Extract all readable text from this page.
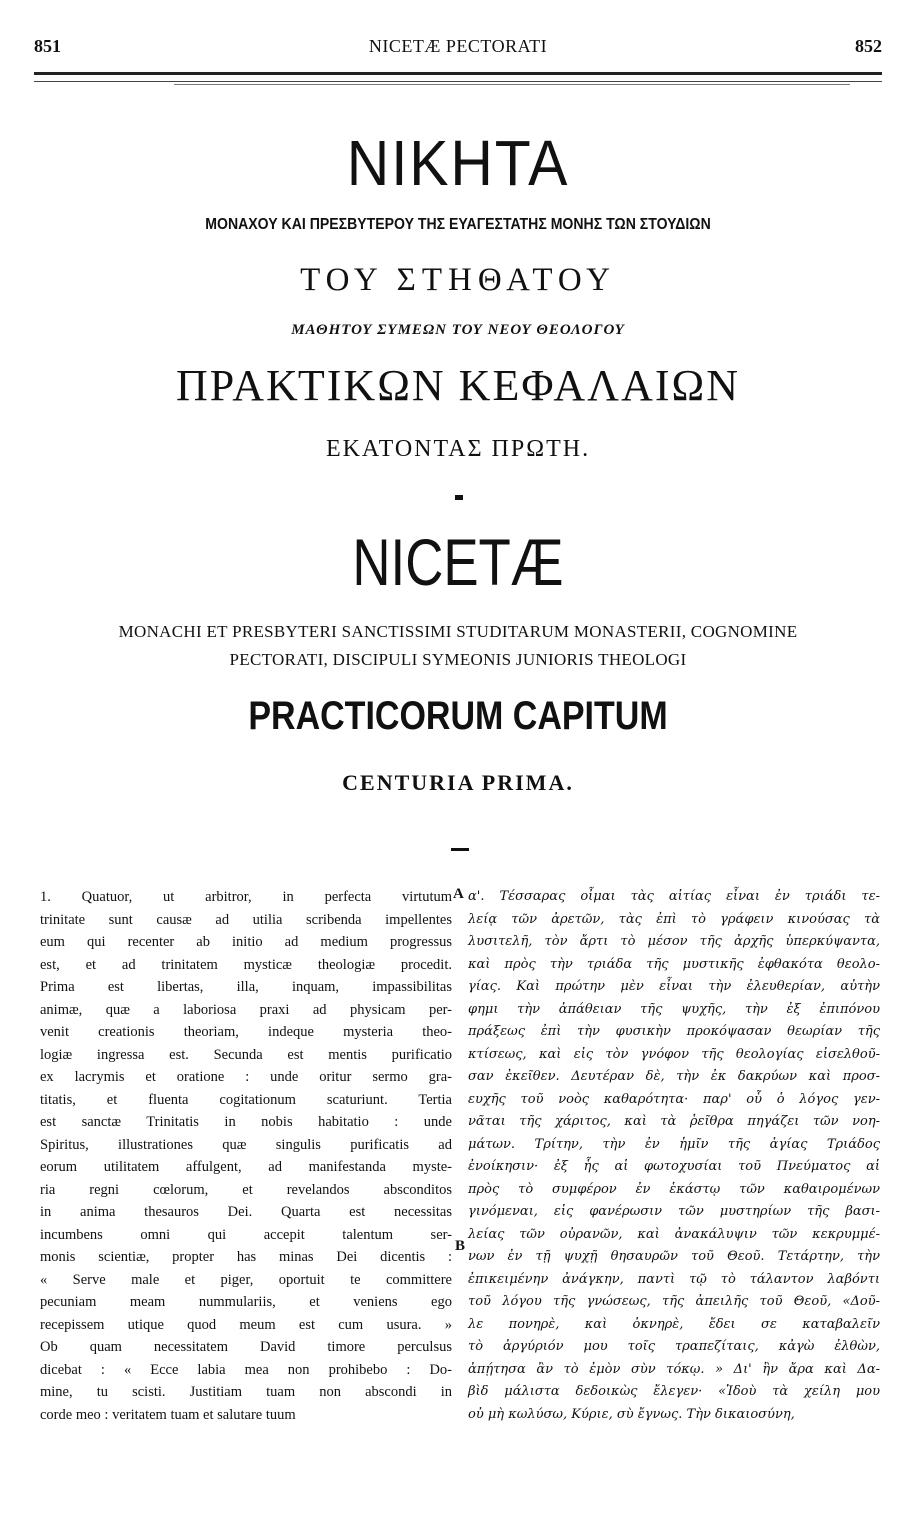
851	NICETÆ PECTORATI	852
ΝΙΚΗΤΑ
ΜΟΝΑΧΟΥ ΚΑΙ ΠΡΕΣΒΥΤΕΡΟΥ ΤΗΣ ΕΥΑΓΕΣΤΑΤΗΣ ΜΟΝΗΣ ΤΩΝ ΣΤΟΥΔΙΩΝ
ΤΟΥ ΣΤΗΘΑΤΟΥ
ΜΑΘΗΤΟΥ ΣΥΜΕΩΝ ΤΟΥ ΝΕΟΥ ΘΕΟΛΟΓΟΥ
ΠΡΑΚΤΙΚΩΝ ΚΕΦΑΛΑΙΩΝ
ΕΚΑΤΟΝΤΑΣ ΠΡΩΤΗ.
NICETÆ
MONACHI ET PRESBYTERI SANCTISSIMI STUDITARUM MONASTERII, COGNOMINE
PECTORATI, DISCIPULI SYMEONIS JUNIORIS THEOLOGI
PRACTICORUM CAPITUM
CENTURIA PRIMA.
1. Quatuor, ut arbitror, in perfecta virtutum
trinitate sunt causæ ad utilia scribenda impellentes
eum qui recenter ab initio ad medium progressus
est, et ad trinitatem mysticæ theologiæ procedit.
Prima est libertas, illa, inquam, impassibilitas
animæ, quæ a laboriosa praxi ad physicam per-
venit creationis theoriam, indeque mysteria theo-
logiæ ingressa est. Secunda est mentis purificatio
ex lacrymis et oratione : unde oritur sermo gra-
titatis, et fluenta cogitationum scaturiunt. Tertia
est sanctæ Trinitatis in nobis habitatio : unde
Spiritus, illustrationes quæ singulis purificatis ad
eorum utilitatem affulgent, ad manifestanda myste-
ria regni cœlorum, et revelandos absconditos
in anima thesauros Dei. Quarta est necessitas
incumbens omni qui accepit talentum ser-
monis scientiæ, propter has minas Dei dicentis :
« Serve male et piger, oportuit te committere
pecuniam meam nummulariis, et veniens ego
recepissem utique quod meum est cum usura. »
Ob quam necessitatem David timore perculsus
dicebat : « Ecce labia mea non prohibebo : Do-
mine, tu scisti. Justitiam tuam non abscondi in
corde meo : veritatem tuam et salutare tuum
A
B
α'. Τέσσαρας οἶμαι τὰς αἰτίας εἶναι ἐν τριάδι τε-
λείᾳ τῶν ἀρετῶν, τὰς ἐπὶ τὸ γράφειν κινούσας τὰ
λυσιτελῆ, τὸν ἄρτι τὸ μέσον τῆς ἀρχῆς ὑπερκύψαντα,
καὶ πρὸς τὴν τριάδα τῆς μυστικῆς ἐφθακότα θεολο-
γίας. Καὶ πρώτην μὲν εἶναι τὴν ἐλευθερίαν, αὐτὴν
φημι τὴν ἀπάθειαν τῆς ψυχῆς, τὴν ἐξ ἐπιπόνου
πράξεως ἐπὶ τὴν φυσικὴν προκόψασαν θεωρίαν τῆς
κτίσεως, καὶ εἰς τὸν γνόφον τῆς θεολογίας εἰσελθοῦ-
σαν ἐκεῖθεν. Δευτέραν δὲ, τὴν ἐκ δακρύων καὶ προσ-
ευχῆς τοῦ νοὸς καθαρότητα· παρ' οὗ ὁ λόγος γεν-
νᾶται τῆς χάριτος, καὶ τὰ ῥεῖθρα πηγάζει τῶν νοη-
μάτων. Τρίτην, τὴν ἐν ἡμῖν τῆς ἁγίας Τριάδος
ἐνοίκησιν· ἐξ ἧς αἱ φωτοχυσίαι τοῦ Πνεύματος αἱ
πρὸς τὸ συμφέρον ἐν ἑκάστῳ τῶν καθαιρομένων
γινόμεναι, εἰς φανέρωσιν τῶν μυστηρίων τῆς βασι-
λείας τῶν οὐρανῶν, καὶ ἀνακάλυψιν τῶν κεκρυμμέ-
νων ἐν τῇ ψυχῇ θησαυρῶν τοῦ Θεοῦ. Τετάρτην, τὴν
ἐπικειμένην ἀνάγκην, παντὶ τῷ τὸ τάλαντον λαβόντι
τοῦ λόγου τῆς γνώσεως, τῆς ἀπειλῆς τοῦ Θεοῦ, «Δοῦ-
λε πονηρὲ, καὶ ὀκνηρὲ, ἔδει σε καταβαλεῖν
τὸ ἀργύριόν μου τοῖς τραπεζίταις, κἀγὼ ἐλθὼν,
ἀπῄτησα ἂν τὸ ἐμὸν σὺν τόκῳ. » Δι' ἣν ἄρα καὶ Δα-
βὶδ μάλιστα δεδοικὼς ἔλεγεν· «Ἰδοὺ τὰ χείλη μου
οὐ μὴ κωλύσω, Κύριε, σὺ ἔγνως. Τὴν δικαιοσύνη,
